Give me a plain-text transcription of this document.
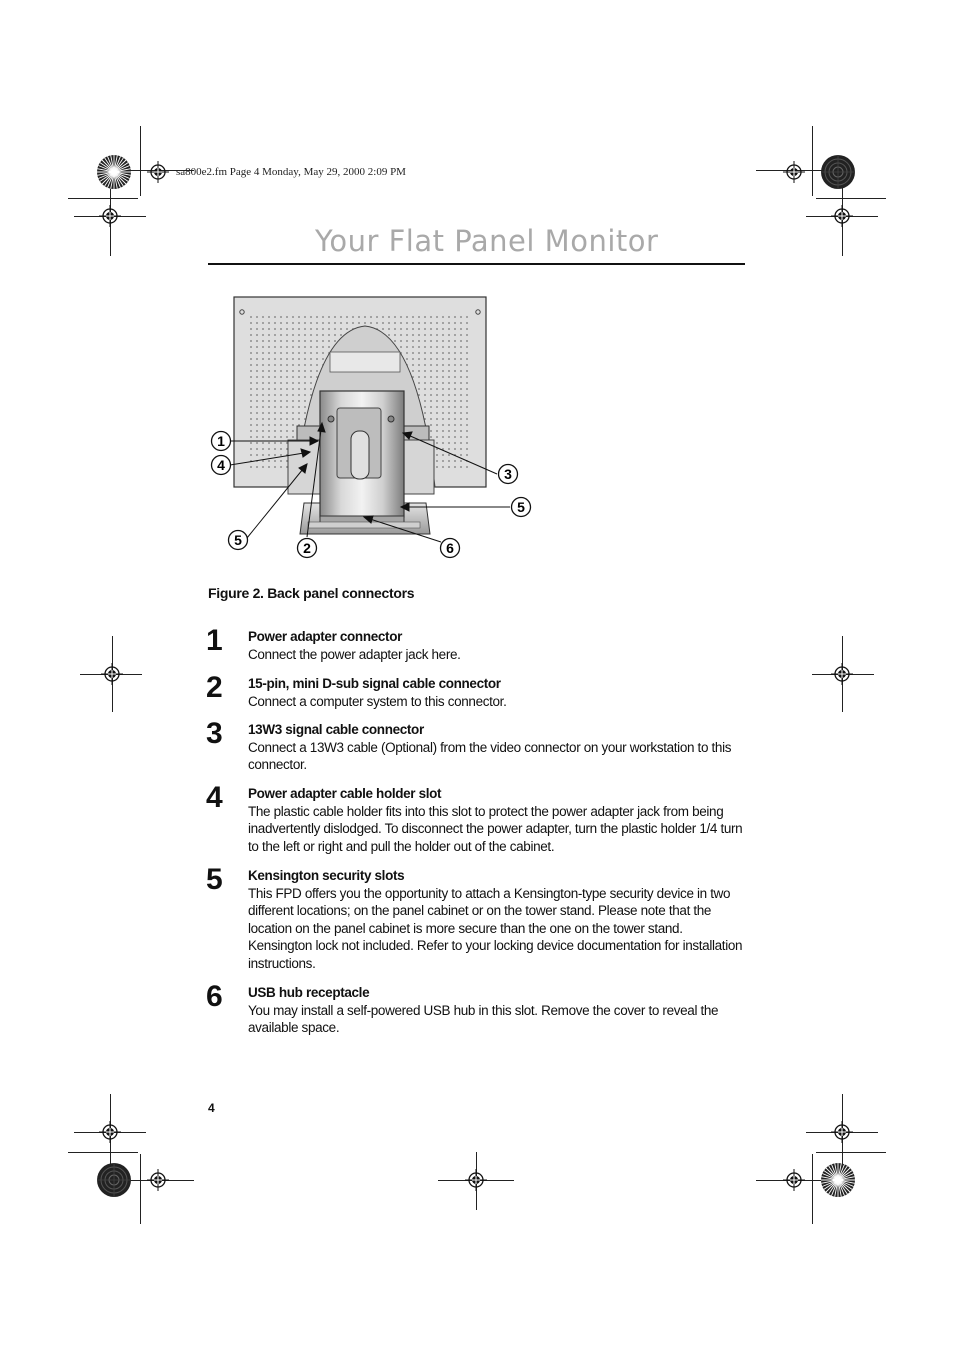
sa800e2.fm Page 4 Monday, May 29, 2000 2:09 PM
Your Flat Panel Monitor
1
4
3
5
5	2	6
Figure 2. Back panel connectors
1 Power adapter connector
Connect the power adapter jack here.
2 15-pin, mini D-sub signal cable connector
Connect a computer system to this connector.
3 13W3 signal cable connector
Connect a 13W3 cable (Optional) from the video connector on your workstation to this connector.
4 Power adapter cable holder slot
The plastic cable holder fits into this slot to protect the power adapter jack from being inadvertently dislodged. To disconnect the power adapter, turn the plastic holder 1/4 turn to the left or right and pull the holder out of the cabinet.
5 Kensington security slots
This FPD offers you the opportunity to attach a Kensington-type security device in two different locations; on the panel cabinet or on the tower stand. Please note that the location on the panel cabinet is more secure than the one on the tower stand. Kensington lock not included. Refer to your locking device documentation for installation instructions.
6 USB hub receptacle
You may install a self-powered USB hub in this slot. Remove the cover to reveal the available space.
4
